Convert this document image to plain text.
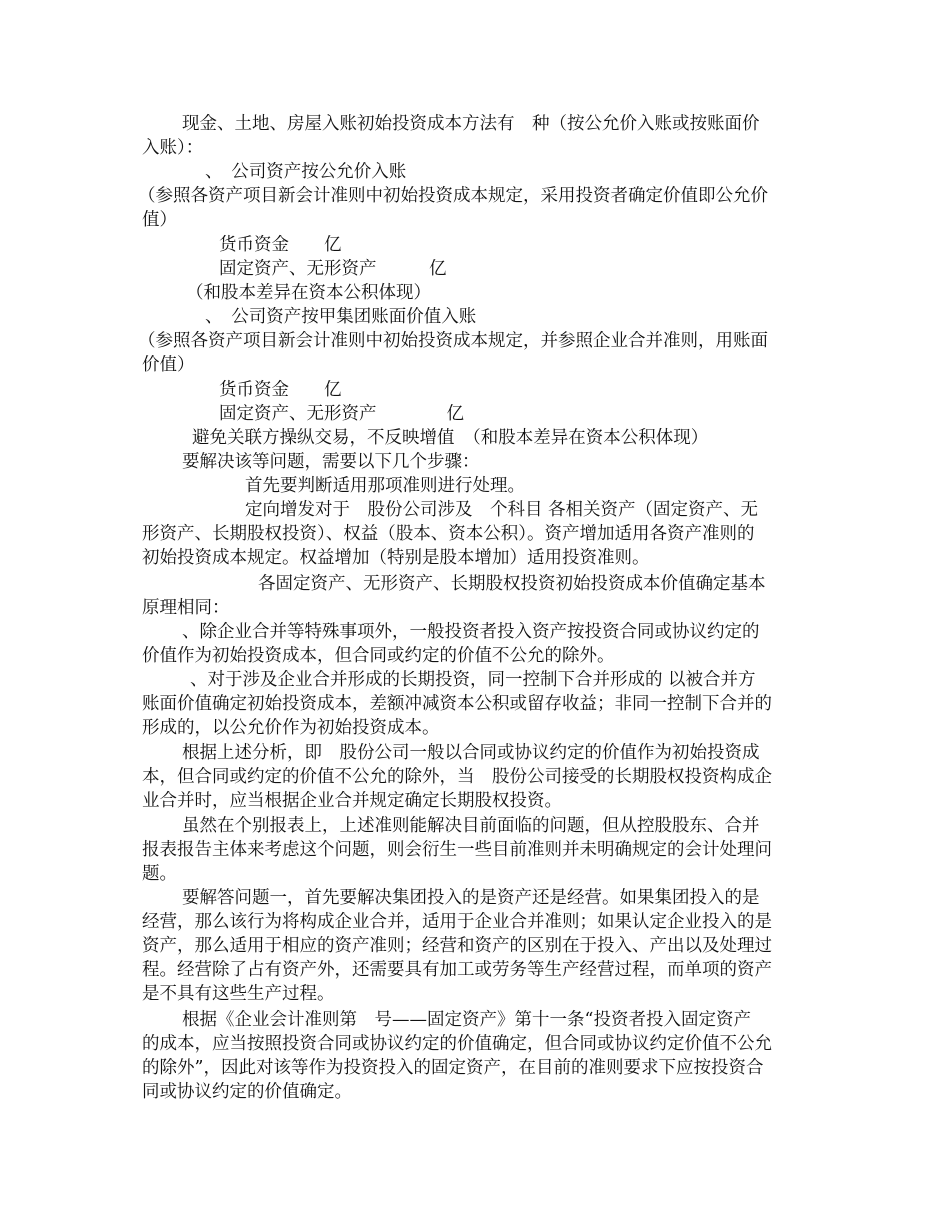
现金、土地、房屋入账初始投资成本方法有　种（按公允价入账或按账面价
入账）：
、　公司资产按公允价入账
（参照各资产项目新会计准则中初始投资成本规定，采用投资者确定价值即公允价
值）
货币资金　　亿
固定资产、无形资产　　　亿
（和股本差异在资本公积体现）
、　公司资产按甲集团账面价值入账
（参照各资产项目新会计准则中初始投资成本规定，并参照企业合并准则，用账面
价值）
货币资金　　亿
固定资产、无形资产　　　　亿
避免关联方操纵交易，不反映增值　（和股本差异在资本公积体现）
要解决该等问题，需要以下几个步骤：
首先要判断适用那项准则进行处理。
定向增发对于　股份公司涉及　个科目 各相关资产（固定资产、无
形资产、长期股权投资）、权益（股本、资本公积）。资产增加适用各资产准则的
初始投资成本规定。权益增加（特别是股本增加）适用投资准则。
各固定资产、无形资产、长期股权投资初始投资成本价值确定基本
原理相同：
、除企业合并等特殊事项外，一般投资者投入资产按投资合同或协议约定的
价值作为初始投资成本，但合同或约定的价值不公允的除外。
、对于涉及企业合并形成的长期投资，同一控制下合并形成的 以被合并方
账面价值确定初始投资成本，差额冲减资本公积或留存收益；非同一控制下合并的
形成的，以公允价作为初始投资成本。
根据上述分析，即　股份公司一般以合同或协议约定的价值作为初始投资成
本，但合同或约定的价值不公允的除外，当　股份公司接受的长期股权投资构成企
业合并时，应当根据企业合并规定确定长期股权投资。
虽然在个别报表上，上述准则能解决目前面临的问题，但从控股股东、合并
报表报告主体来考虑这个问题，则会衍生一些目前准则并未明确规定的会计处理问
题。
要解答问题一，首先要解决集团投入的是资产还是经营。如果集团投入的是
经营，那么该行为将构成企业合并，适用于企业合并准则；如果认定企业投入的是
资产，那么适用于相应的资产准则；经营和资产的区别在于投入、产出以及处理过
程。经营除了占有资产外，还需要具有加工或劳务等生产经营过程，而单项的资产
是不具有这些生产过程。
根据《企业会计准则第　号——固定资产》第十一条“投资者投入固定资产
的成本，应当按照投资合同或协议约定的价值确定，但合同或协议约定价值不公允
的除外”，因此对该等作为投资投入的固定资产，在目前的准则要求下应按投资合
同或协议约定的价值确定。
